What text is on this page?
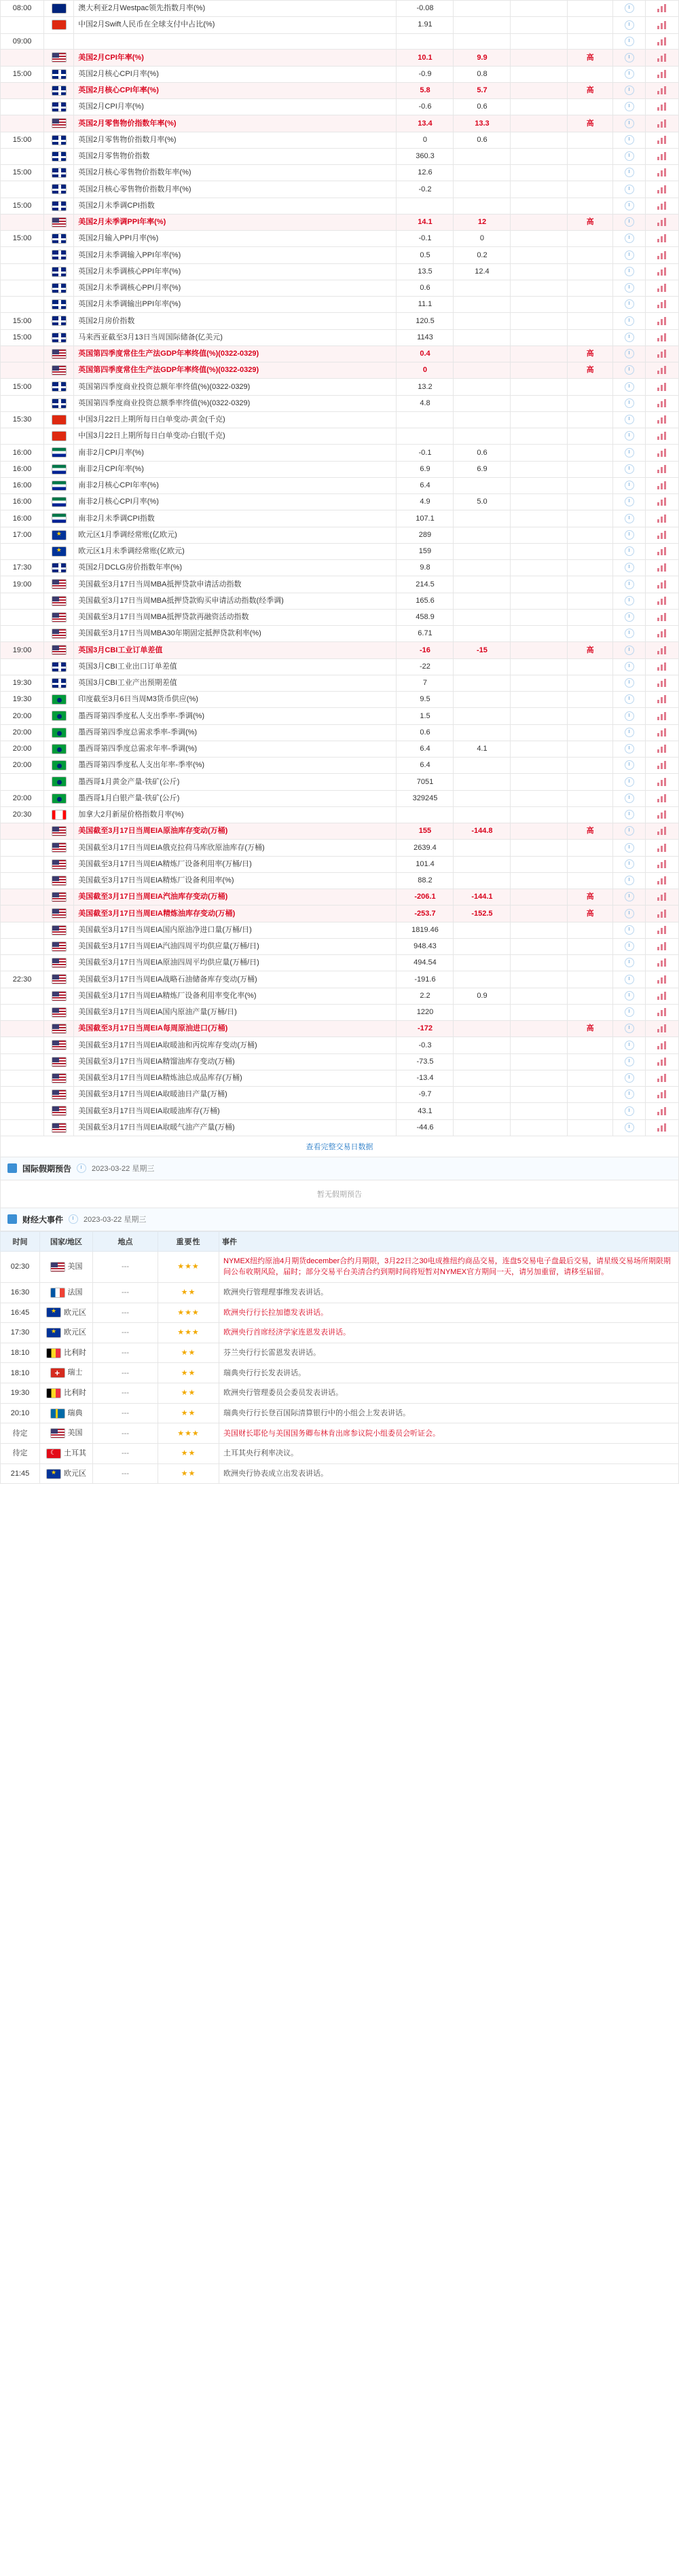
08:00		澳大利亚2月Westpac领先指数月率(%)	-0.08					

		中国2月Swift人民币在全球支付中占比(%)	1.91					

09:00								

		美国2月CPI年率(%)	10.1	9.9		高		

15:00		英国2月核心CPI月率(%)	-0.9	0.8				

		英国2月核心CPI年率(%)	5.8	5.7		高		

		英国2月CPI月率(%)	-0.6	0.6				

		英国2月零售物价指数年率(%)	13.4	13.3		高		

15:00		英国2月零售物价指数月率(%)	0	0.6				

		英国2月零售物价指数	360.3					

15:00		英国2月核心零售物价指数年率(%)	12.6					

		英国2月核心零售物价指数月率(%)	-0.2					

15:00		英国2月未季调CPI指数						

		美国2月未季调PPI年率(%)	14.1	12		高		

15:00		英国2月输入PPI月率(%)	-0.1	0				

		英国2月未季调输入PPI年率(%)	0.5	0.2				

		英国2月未季调核心PPI年率(%)	13.5	12.4				

		英国2月未季调核心PPI月率(%)	0.6					

		英国2月未季调输出PPI年率(%)	11.1					

15:00		英国2月房价指数	120.5					

15:00		马来西亚截至3月13日当周国际储备(亿美元)	1143					

		英国第四季度常住生产法GDP年率终值(%)(0322-0329)	0.4			高		

		英国第四季度常住生产法GDP年率终值(%)(0322-0329)	0			高		

15:00		英国第四季度商业投资总额年率终值(%)(0322-0329)	13.2					

		英国第四季度商业投资总额季率终值(%)(0322-0329)	4.8					

15:30		中国3月22日上期所每日白单变动-黄金(千克)						

		中国3月22日上期所每日白单变动-白银(千克)						

16:00		南非2月CPI月率(%)	-0.1	0.6				

16:00		南非2月CPI年率(%)	6.9	6.9				

16:00		南非2月核心CPI年率(%)	6.4					

16:00		南非2月核心CPI月率(%)	4.9	5.0				

16:00		南非2月未季调CPI指数	107.1					

17:00	★	欧元区1月季调经常账(亿欧元)	289					

	★	欧元区1月未季调经常账(亿欧元)	159					

17:30		英国2月DCLG房价指数年率(%)	9.8					

19:00		美国截至3月17日当周MBA抵押贷款申请活动指数	214.5					

		美国截至3月17日当周MBA抵押贷款购买申请活动指数(经季调)	165.6					

		美国截至3月17日当周MBA抵押贷款再融资活动指数	458.9					

		美国截至3月17日当周MBA30年期固定抵押贷款利率(%)	6.71					

19:00		英国3月CBI工业订单差值	-16	-15		高		

		英国3月CBI工业出口订单差值	-22					

19:30		英国3月CBI工业产出预期差值	7					

19:30		印度截至3月6日当周M3货币供应(%)	9.5					

20:00		墨西哥第四季度私人支出季率-季调(%)	1.5					

20:00		墨西哥第四季度总需求季率-季调(%)	0.6					

20:00		墨西哥第四季度总需求年率-季调(%)	6.4	4.1				

20:00		墨西哥第四季度私人支出年率-季率(%)	6.4					

		墨西哥1月黄金产量-铁矿(公斤)	7051					

20:00		墨西哥1月白银产量-铁矿(公斤)	329245					

20:30		加拿大2月新屋价格指数月率(%)						

		美国截至3月17日当周EIA原油库存变动(万桶)	155	-144.8		高		

		美国截至3月17日当周EIA俄克拉荷马库欣原油库存(万桶)	2639.4					

		美国截至3月17日当周EIA精炼厂设备利用率(万桶/日)	101.4					

		美国截至3月17日当周EIA精炼厂设备利用率(%)	88.2					

		美国截至3月17日当周EIA汽油库存变动(万桶)	-206.1	-144.1		高		

		美国截至3月17日当周EIA精炼油库存变动(万桶)	-253.7	-152.5		高		

		美国截至3月17日当周EIA国内原油净进口量(万桶/日)	1819.46					

		美国截至3月17日当周EIA汽油四周平均供应量(万桶/日)	948.43					

		美国截至3月17日当周EIA原油四周平均供应量(万桶/日)	494.54					

22:30		美国截至3月17日当周EIA战略石油储备库存变动(万桶)	-191.6					

		美国截至3月17日当周EIA精炼厂设备利用率变化率(%)	2.2	0.9				

		美国截至3月17日当周EIA国内原油产量(万桶/日)	1220					

		美国截至3月17日当周EIA每周原油进口(万桶)	-172			高		

		美国截至3月17日当周EIA取暖油和丙烷库存变动(万桶)	-0.3					

		美国截至3月17日当周EIA精馏油库存变动(万桶)	-73.5					

		美国截至3月17日当周EIA精炼油总成品库存(万桶)	-13.4					

		美国截至3月17日当周EIA取暖油日产量(万桶)	-9.7					

		美国截至3月17日当周EIA取暖油库存(万桶)	43.1					

		美国截至3月17日当周EIA取暖气油产产量(万桶)	-44.6					
查看完整交易日数据
国际假期预告	2023-03-22 星期三
暂无假期预告
财经大事件	2023-03-22 星期三
时间	国家/地区	地点	重要性	事件
02:30	美国	---	★★★	NYMEX纽约原油4月期货december合约月期限，3月22日之30电成推纽约商品交易，连盘5交易电子盘最后交易，请星级交易场所期限期间公布收期风险，届时；部分交易平台美清合约到期时间将短暂对NYMEX官方期间一天，请另加重留，请移至届留。
16:30	法国	---	★★	欧洲央行管理理事维发表讲话。
16:45	★欧元区	---	★★★	欧洲央行行长拉加德发表讲话。
17:30	★欧元区	---	★★★	欧洲央行首席经济学家连恩发表讲话。
18:10	比利时	---	★★	芬兰央行行长雷恩发表讲话。
18:10	+瑞士	---	★★	瑞典央行行长发表讲话。
19:30	比利时	---	★★	欧洲央行管理委员会委员发表讲话。
20:10	瑞典	---	★★	瑞典央行行长登百国际清算银行中的小组会上发表讲话。
待定	美国	---	★★★	美国财长耶伦与美国国务卿布林肯出席参议院小组委员会听证会。
待定	☾土耳其	---	★★	土耳其央行利率决议。
21:45	★欧元区	---	★★	欧洲央行协表成立出发表讲话。
